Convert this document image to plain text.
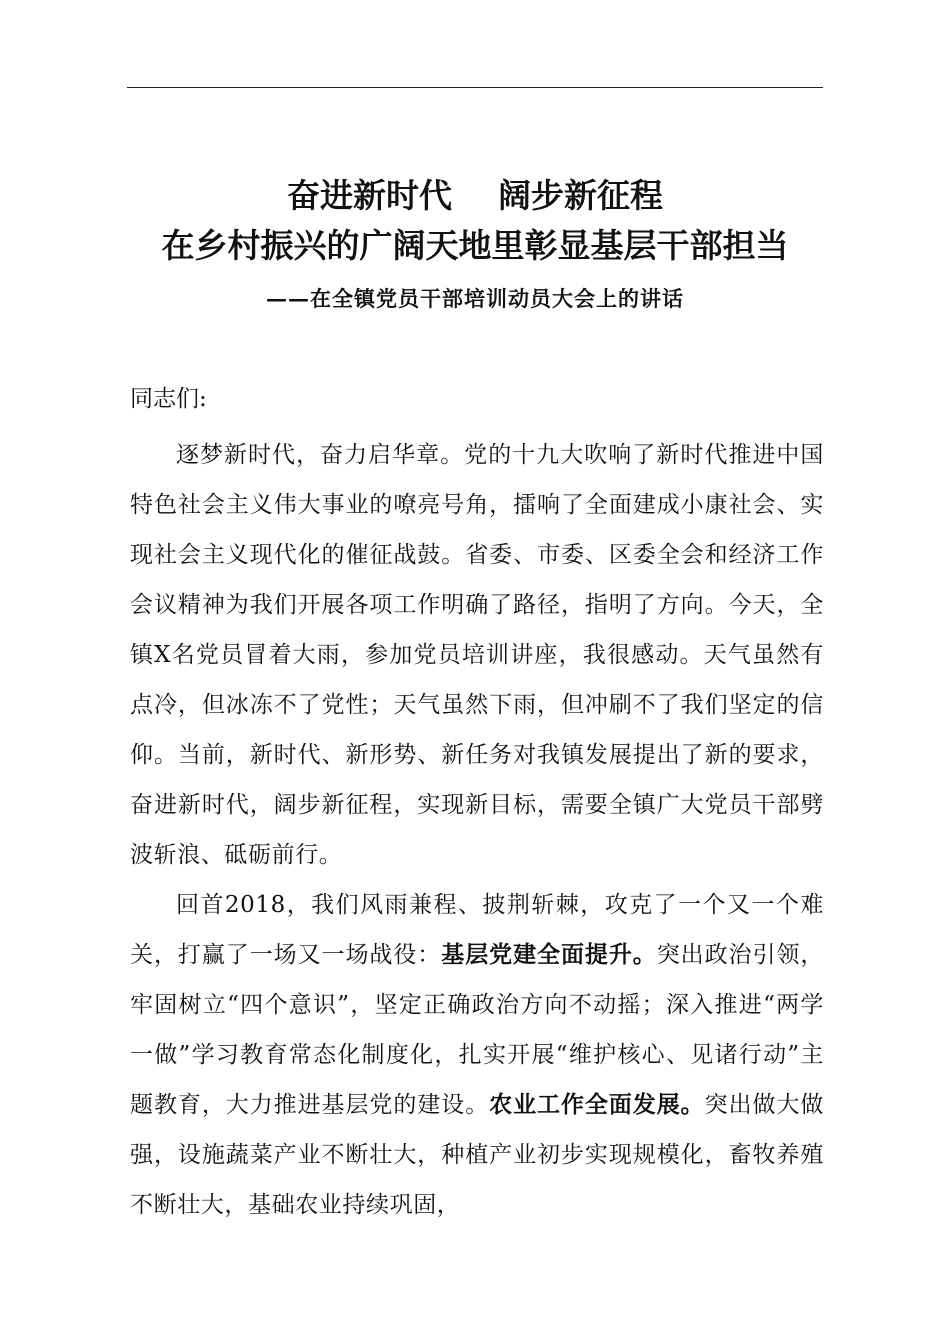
奋进新时代    阔步新征程
在乡村振兴的广阔天地里彰显基层干部担当
——在全镇党员干部培训动员大会上的讲话
同志们:

逐梦新时代，奋力启华章。党的十九大吹响了新时代推进中国特色社会主义伟大事业的嘹亮号角，擂响了全面建成小康社会、实现社会主义现代化的催征战鼓。省委、市委、区委全会和经济工作会议精神为我们开展各项工作明确了路径，指明了方向。今天，全镇X名党员冒着大雨，参加党员培训讲座，我很感动。天气虽然有点冷，但冰冻不了党性；天气虽然下雨，但冲刷不了我们坚定的信仰。当前，新时代、新形势、新任务对我镇发展提出了新的要求，奋进新时代，阔步新征程，实现新目标，需要全镇广大党员干部劈波斩浪、砥砺前行。

回首2018，我们风雨兼程、披荆斩棘，攻克了一个又一个难关，打赢了一场又一场战役：基层党建全面提升。突出政治引领，牢固树立“四个意识”，坚定正确政治方向不动摇；深入推进“两学一做”学习教育常态化制度化，扎实开展“维护核心、见诸行动”主题教育，大力推进基层党的建设。农业工作全面发展。突出做大做强，设施蔬菜产业不断壮大，种植产业初步实现规模化，畜牧养殖不断壮大，基础农业持续巩固，
